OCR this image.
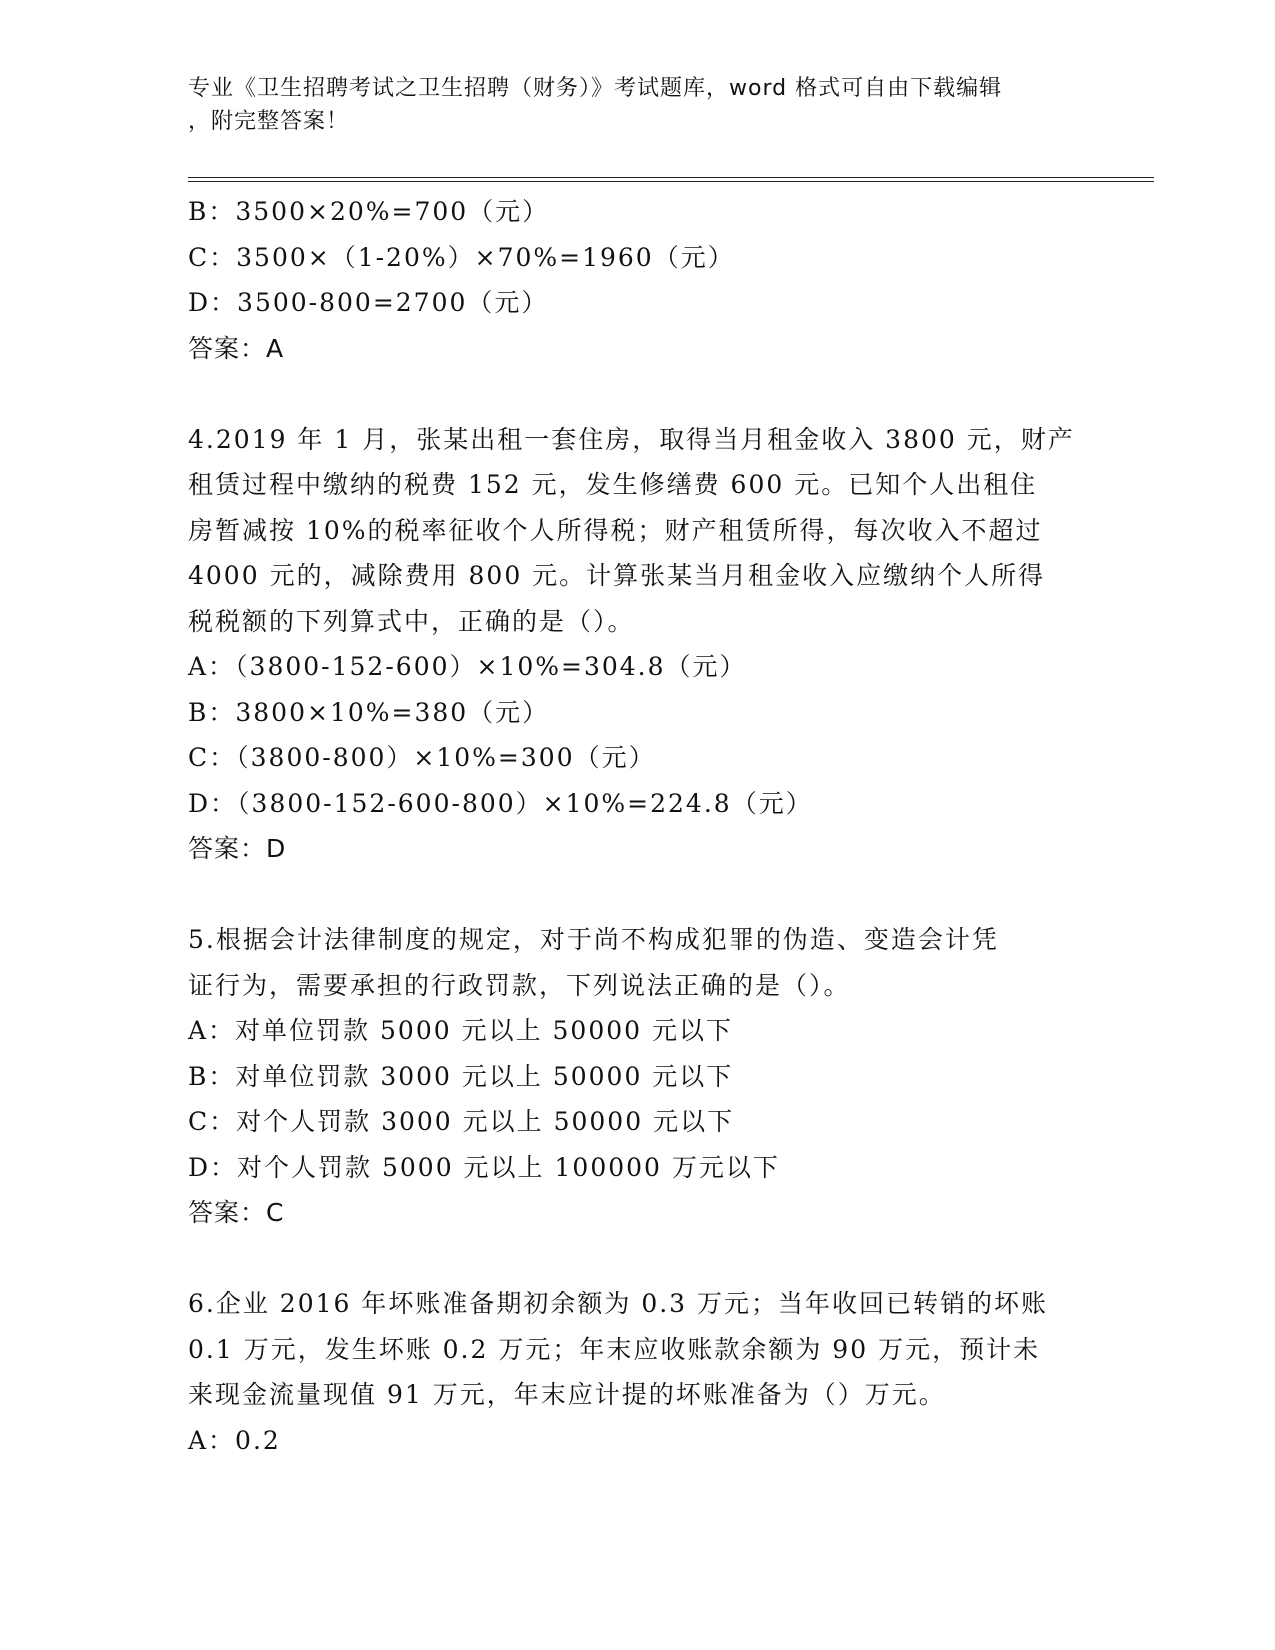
专业《卫生招聘考试之卫生招聘（财务）》考试题库，word 格式可自由下载编辑
，附完整答案！
B：3500×20%=700（元）
C：3500×（1-20%）×70%=1960（元）
D：3500-800=2700（元）
答案：A
4.2019 年 1 月，张某出租一套住房，取得当月租金收入 3800 元，财产
租赁过程中缴纳的税费 152 元，发生修缮费 600 元。已知个人出租住
房暂减按 10%的税率征收个人所得税；财产租赁所得，每次收入不超过
4000 元的，减除费用 800 元。计算张某当月租金收入应缴纳个人所得
税税额的下列算式中，正确的是（）。
A：（3800-152-600）×10%=304.8（元）
B：3800×10%=380（元）
C：（3800-800）×10%=300（元）
D：（3800-152-600-800）×10%=224.8（元）
答案：D
5.根据会计法律制度的规定，对于尚不构成犯罪的伪造、变造会计凭
证行为，需要承担的行政罚款，下列说法正确的是（）。
A：对单位罚款 5000 元以上 50000 元以下
B：对单位罚款 3000 元以上 50000 元以下
C：对个人罚款 3000 元以上 50000 元以下
D：对个人罚款 5000 元以上 100000 万元以下
答案：C
6.企业 2016 年坏账准备期初余额为 0.3 万元；当年收回已转销的坏账
0.1 万元，发生坏账 0.2 万元；年末应收账款余额为 90 万元，预计未
来现金流量现值 91 万元，年末应计提的坏账准备为（）万元。
A：0.2
